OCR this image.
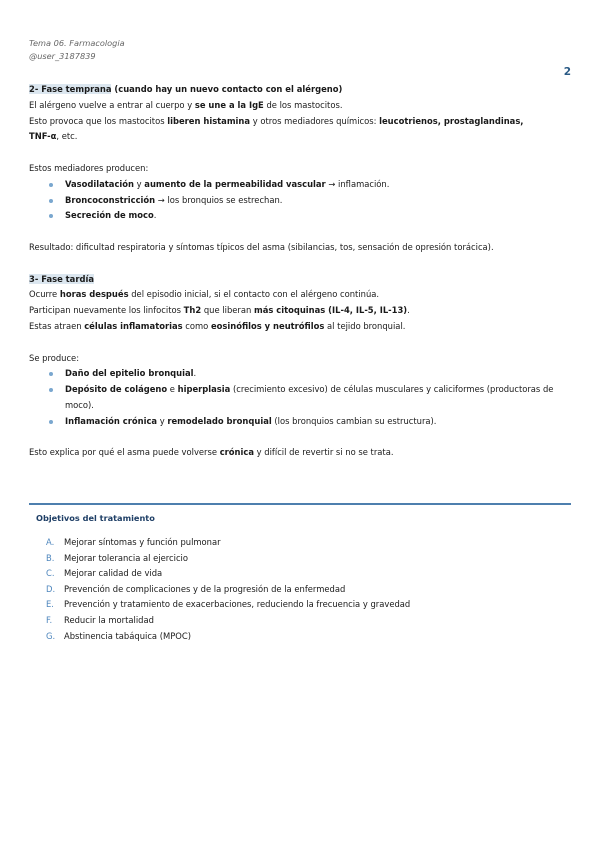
Tema 06. Farmacologia
@user_3187839
2

2- Fase temprana (cuando hay un nuevo contacto con el alérgeno)

El alérgeno vuelve a entrar al cuerpo y se une a la IgE de los mastocitos.

Esto provoca que los mastocitos liberen histamina y otros mediadores químicos: leucotrienos, prostaglandinas,

TNF-α, etc.

Estos mediadores producen:

Vasodilatación y aumento de la permeabilidad vascular → inflamación.
Broncoconstricción → los bronquios se estrechan.
Secreción de moco.

Resultado: dificultad respiratoria y síntomas típicos del asma (sibilancias, tos, sensación de opresión torácica).

3- Fase tardía

Ocurre horas después del episodio inicial, si el contacto con el alérgeno continúa.

Participan nuevamente los linfocitos Th2 que liberan más citoquinas (IL-4, IL-5, IL-13).

Estas atraen células inflamatorias como eosinófilos y neutrófilos al tejido bronquial.

Se produce:

Daño del epitelio bronquial.
Depósito de colágeno e hiperplasia (crecimiento excesivo) de células musculares y caliciformes (productoras de moco).
Inflamación crónica y remodelado bronquial (los bronquios cambian su estructura).

Esto explica por qué el asma puede volverse crónica y difícil de revertir si no se trata.

Objetivos del tratamiento
A.	Mejorar síntomas y función pulmonar
B.	Mejorar tolerancia al ejercicio
C.	Mejorar calidad de vida
D.	Prevención de complicaciones y de la progresión de la enfermedad
E.	Prevención y tratamiento de exacerbaciones, reduciendo la frecuencia y gravedad
F.	Reducir la mortalidad
G.	Abstinencia tabáquica (MPOC)
